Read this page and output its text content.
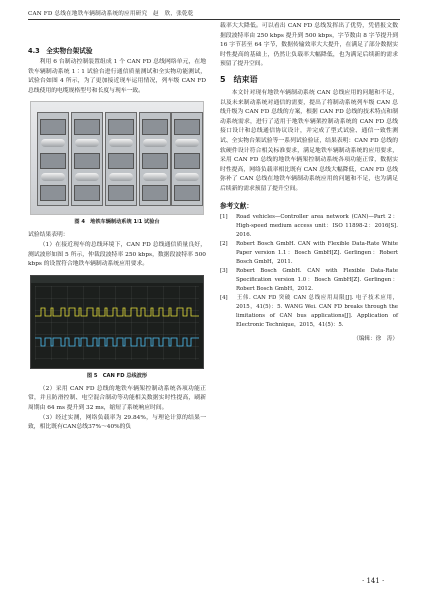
CAN FD 总线在地铁车辆制动系统的应用研究　赵　欣，张乾乾
4.3　全实物台架试验

利用 6 台制动控制装置组成 1 个 CAN FD 总线网络单元，在地铁车辆制动系统 1∶1 试验台进行通信质量测试和全实物功能测试，试验台如图 4 所示，为了更加接近现车运用情况，列车级 CAN FD 总线使用的电缆规格型号和长度与现车一致。

图 4　地铁车辆制动系统 1∶1 试验台

试验结果表明：

（1）在接近现车的总线环境下，CAN FD 总线通信质量良好，测试波形如图 5 所示，仲裁段波特率 250 kbps，数据段波特率 500 kbps 的设置符合地铁车辆制动系统应用要求。

图 5　CAN FD 总线波形

（2）采用 CAN FD 总线的地铁车辆架控制动系统各项功能正常，并且防滑控制、电空混合制动等功能相关数据实时性提高，刷新周期由 64 ms 提升到 32 ms，缩短了系统响应时间。

（3）经过实测，网络负载率为 29.84%，与理论计算的结果一致，相比既有CAN总线37%～40%的负

载率大大降低。可以看出 CAN FD 总线发挥出了优势，凭借报文数据段波特率由 250 kbps 提升到 500 kbps，字节数由 8 字节提升到 16 字节甚至 64 字节，数据传输效率大大提升，在满足了部分数据实时性提高的基础上，仍然让负载率大幅降低，也为满足后续新的需求预留了提升空间。

5　结束语

本文针对现有地铁车辆制动系统 CAN 总线应用的问题和不足，以及未来制动系统对通信的需要，提出了将制动系统列车级 CAN 总线升级为 CAN FD 总线的方案，根据 CAN FD 总线的技术特点和制动系统需求，进行了适用于地铁车辆架控制动系统的 CAN FD 总线接口设计和总线通信协议设计，并完成了型式试验、通信一致性测试、全实物台架试验等一系列试验验证，结果表明：CAN FD 总线的软硬件设计符合相关标准要求，满足地铁车辆制动系统的应用要求，采用 CAN FD 总线的地铁车辆架控制动系统各项功能正常，数据实时性提高，网络负载率相比既有 CAN 总线大幅降低，CAN FD 总线弥补了 CAN 总线在地铁车辆制动系统应用的问题和不足，也为满足后续新的需求预留了提升空间。

参考文献：

[1] Road vehicles—Controller area network (CAN)—Part 2：High-speed medium access unit：ISO 11898-2：2016[S]. 2016.

[2] Robert Bosch GmbH. CAN with Flexible Data-Rate White Paper version 1.1：Bosch GmbH[Z]. Gerlingen：Robert Bosch GmbH，2011.

[3] Robert Bosch GmbH. CAN with Flexible Data-Rate Specification version 1.0：Bosch GmbH[Z]. Gerlingen：Robert Bosch GmbH，2012.

[4] 王伟. CAN FD 突破 CAN 总线应用局限[J]. 电子技术应用，2015，41(5)：5. WANG Wei. CAN FD breaks through the limitations of CAN bus applications[J]. Application of Electronic Technique，2015，41(5)：5.

（编辑：徐　涛）
· 141 ·
